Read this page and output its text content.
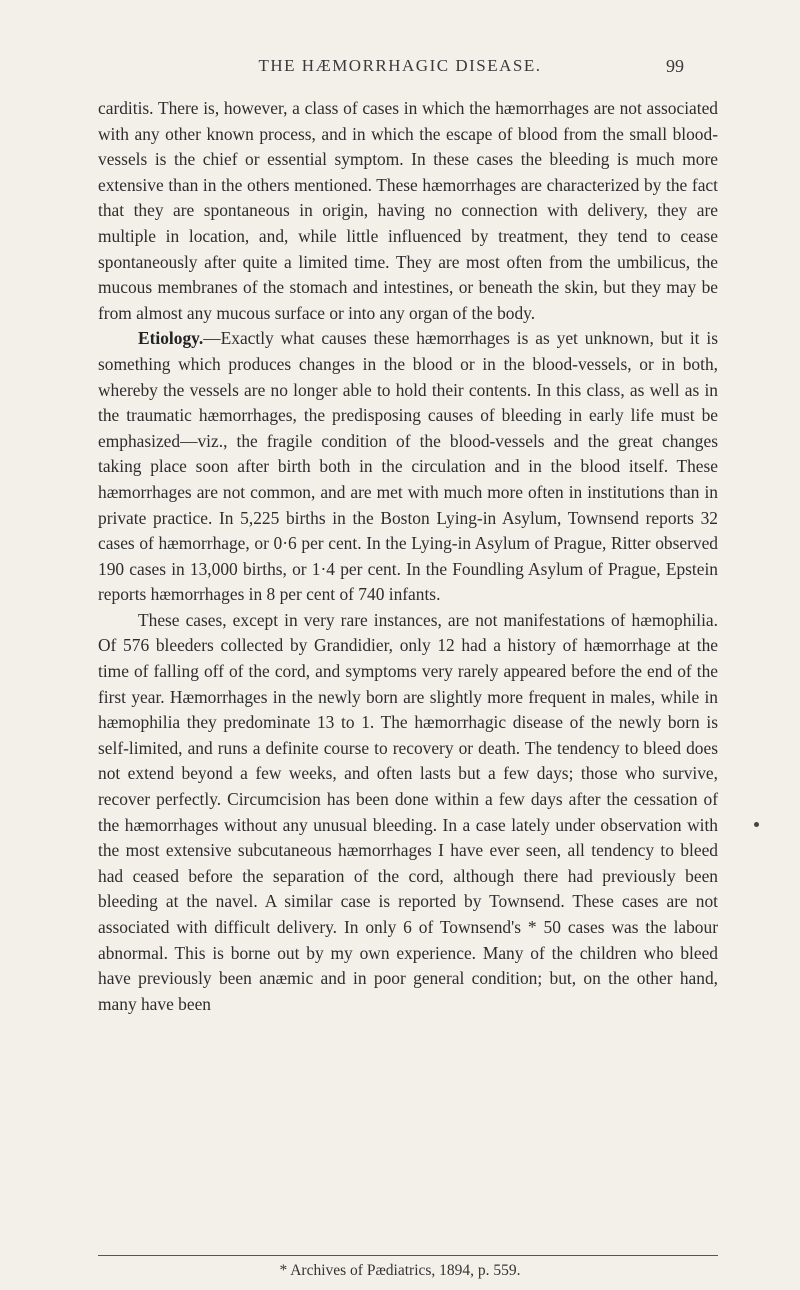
THE HÆMORRHAGIC DISEASE.	99

carditis. There is, however, a class of cases in which the hæmorrhages are not associated with any other known process, and in which the escape of blood from the small blood-vessels is the chief or essential symptom. In these cases the bleeding is much more extensive than in the others mentioned. These hæmorrhages are characterized by the fact that they are spontaneous in origin, having no connection with delivery, they are multiple in location, and, while little influenced by treatment, they tend to cease spontaneously after quite a limited time. They are most often from the umbilicus, the mucous membranes of the stomach and intestines, or beneath the skin, but they may be from almost any mucous surface or into any organ of the body.

Etiology.—Exactly what causes these hæmorrhages is as yet unknown, but it is something which produces changes in the blood or in the blood-vessels, or in both, whereby the vessels are no longer able to hold their contents. In this class, as well as in the traumatic hæmorrhages, the predisposing causes of bleeding in early life must be emphasized—viz., the fragile condition of the blood-vessels and the great changes taking place soon after birth both in the circulation and in the blood itself. These hæmorrhages are not common, and are met with much more often in institutions than in private practice. In 5,225 births in the Boston Lying-in Asylum, Townsend reports 32 cases of hæmorrhage, or 0·6 per cent. In the Lying-in Asylum of Prague, Ritter observed 190 cases in 13,000 births, or 1·4 per cent. In the Foundling Asylum of Prague, Epstein reports hæmorrhages in 8 per cent of 740 infants.

These cases, except in very rare instances, are not manifestations of hæmophilia. Of 576 bleeders collected by Grandidier, only 12 had a history of hæmorrhage at the time of falling off of the cord, and symptoms very rarely appeared before the end of the first year. Hæmorrhages in the newly born are slightly more frequent in males, while in hæmophilia they predominate 13 to 1. The hæmorrhagic disease of the newly born is self-limited, and runs a definite course to recovery or death. The tendency to bleed does not extend beyond a few weeks, and often lasts but a few days; those who survive, recover perfectly. Circumcision has been done within a few days after the cessation of the hæmorrhages without any unusual bleeding. In a case lately under observation with the most extensive subcutaneous hæmorrhages I have ever seen, all tendency to bleed had ceased before the separation of the cord, although there had previously been bleeding at the navel. A similar case is reported by Townsend. These cases are not associated with difficult delivery. In only 6 of Townsend's * 50 cases was the labour abnormal. This is borne out by my own experience. Many of the children who bleed have previously been anæmic and in poor general condition; but, on the other hand, many have been

* Archives of Pædiatrics, 1894, p. 559.
